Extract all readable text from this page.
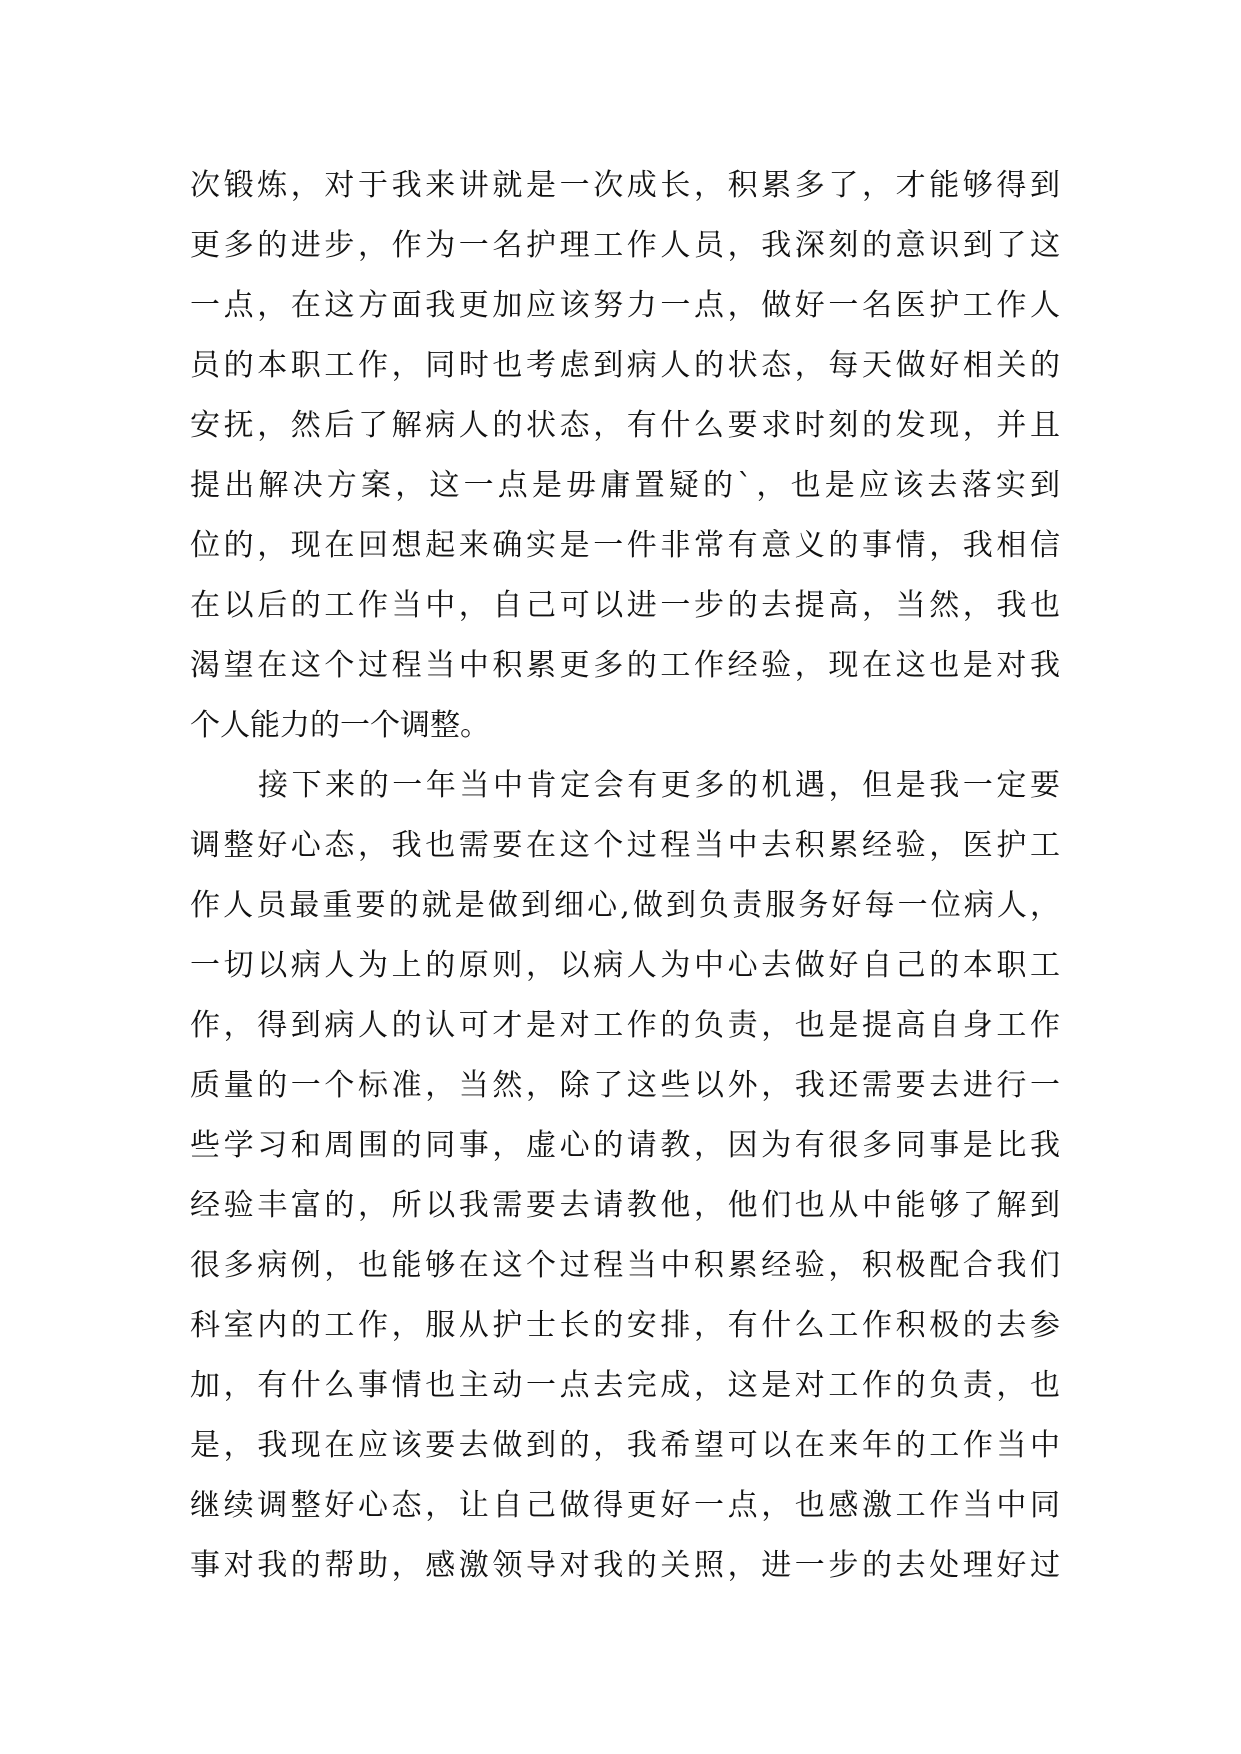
次锻炼，对于我来讲就是一次成长，积累多了，才能够得到
更多的进步，作为一名护理工作人员，我深刻的意识到了这
一点，在这方面我更加应该努力一点，做好一名医护工作人
员的本职工作，同时也考虑到病人的状态，每天做好相关的
安抚，然后了解病人的状态，有什么要求时刻的发现，并且
提出解决方案，这一点是毋庸置疑的`，也是应该去落实到
位的，现在回想起来确实是一件非常有意义的事情，我相信
在以后的工作当中，自己可以进一步的去提高，当然，我也
渴望在这个过程当中积累更多的工作经验，现在这也是对我
个人能力的一个调整。
接下来的一年当中肯定会有更多的机遇，但是我一定要
调整好心态，我也需要在这个过程当中去积累经验，医护工
作人员最重要的就是做到细心,做到负责服务好每一位病人，
一切以病人为上的原则，以病人为中心去做好自己的本职工
作，得到病人的认可才是对工作的负责，也是提高自身工作
质量的一个标准，当然，除了这些以外，我还需要去进行一
些学习和周围的同事，虚心的请教，因为有很多同事是比我
经验丰富的，所以我需要去请教他，他们也从中能够了解到
很多病例，也能够在这个过程当中积累经验，积极配合我们
科室内的工作，服从护士长的安排，有什么工作积极的去参
加，有什么事情也主动一点去完成，这是对工作的负责，也
是，我现在应该要去做到的，我希望可以在来年的工作当中
继续调整好心态，让自己做得更好一点，也感激工作当中同
事对我的帮助，感激领导对我的关照，进一步的去处理好过
